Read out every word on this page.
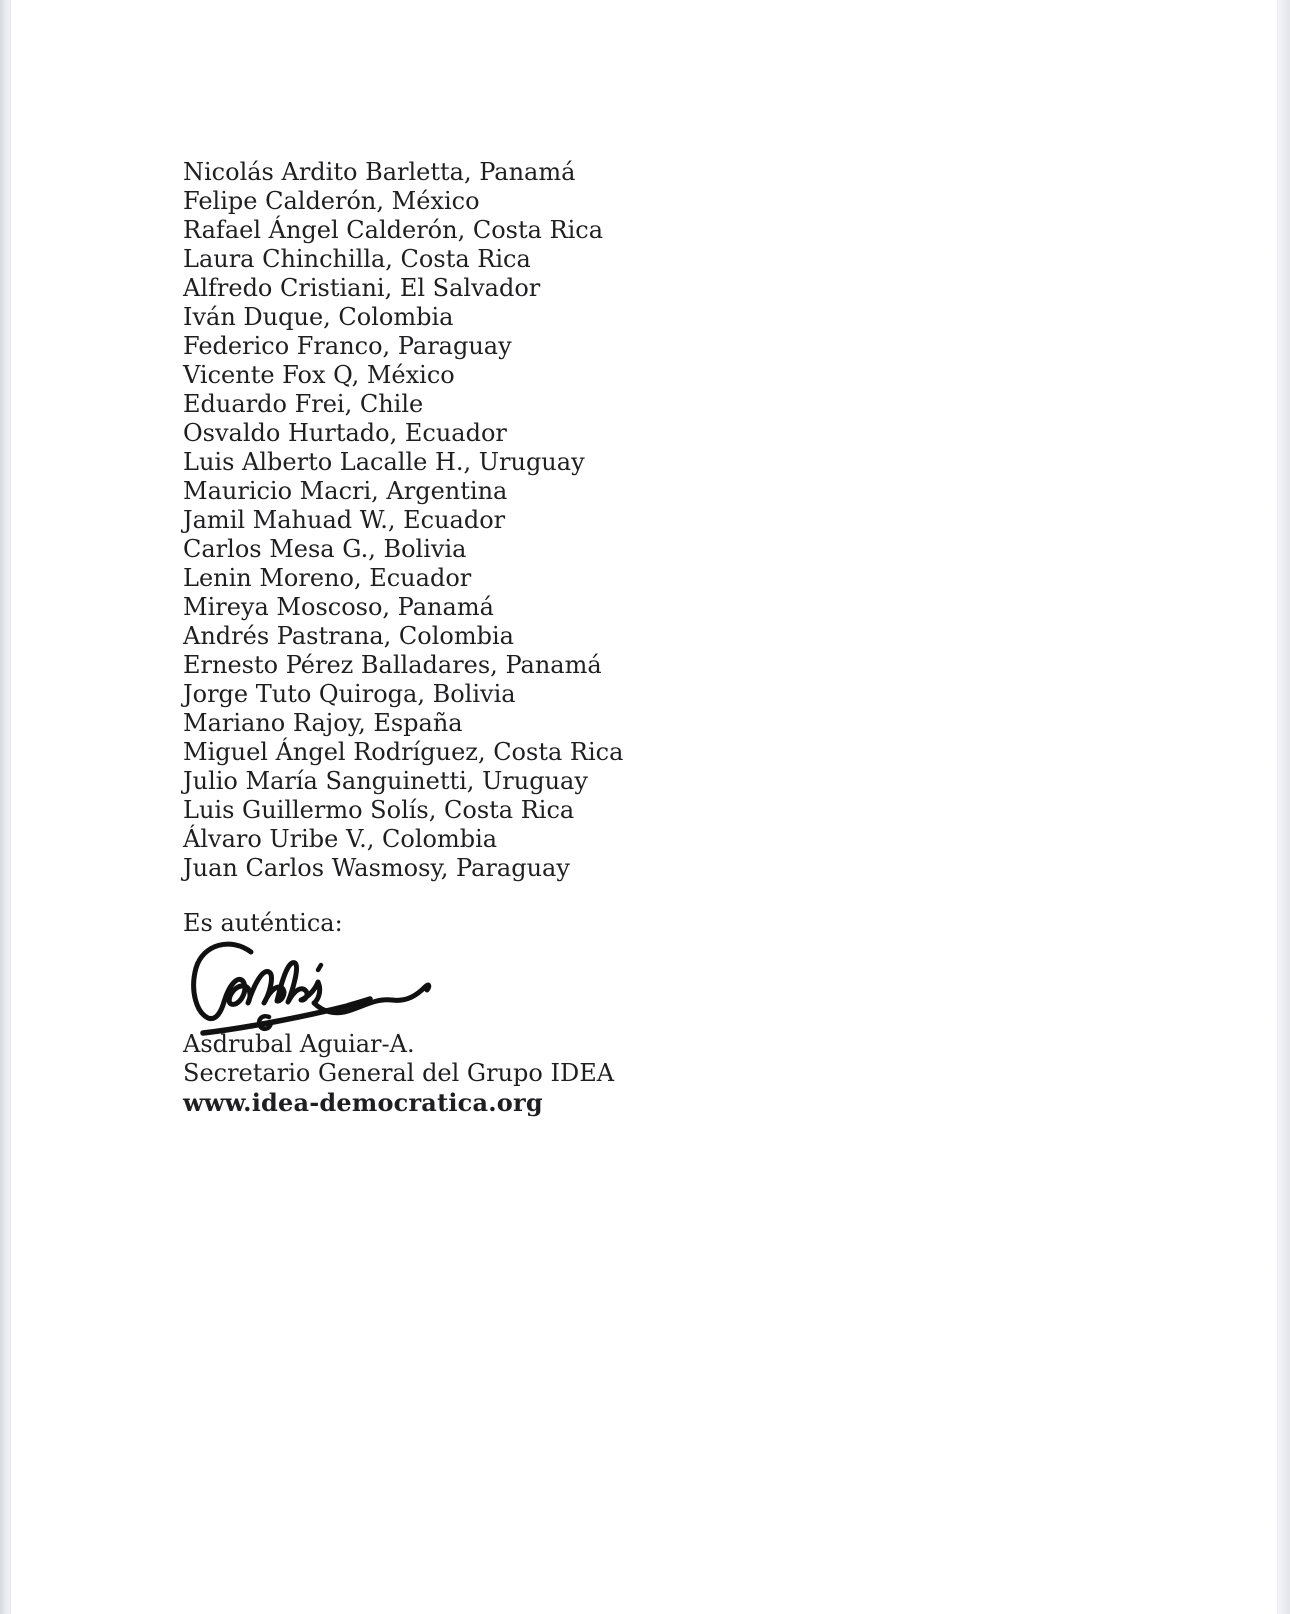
Nicolás Ardito Barletta, Panamá
Felipe Calderón, México
Rafael Ángel Calderón, Costa Rica
Laura Chinchilla, Costa Rica
Alfredo Cristiani, El Salvador
Iván Duque, Colombia
Federico Franco, Paraguay
Vicente Fox Q, México
Eduardo Frei, Chile
Osvaldo Hurtado, Ecuador
Luis Alberto Lacalle H., Uruguay
Mauricio Macri, Argentina
Jamil Mahuad W., Ecuador
Carlos Mesa G., Bolivia
Lenin Moreno, Ecuador
Mireya Moscoso, Panamá
Andrés Pastrana, Colombia
Ernesto Pérez Balladares, Panamá
Jorge Tuto Quiroga, Bolivia
Mariano Rajoy, España
Miguel Ángel Rodríguez, Costa Rica
Julio María Sanguinetti, Uruguay
Luis Guillermo Solís, Costa Rica
Álvaro Uribe V., Colombia
Juan Carlos Wasmosy, Paraguay
Es auténtica:
Asdrubal Aguiar-A.
Secretario General del Grupo IDEA
www.idea-democratica.org
